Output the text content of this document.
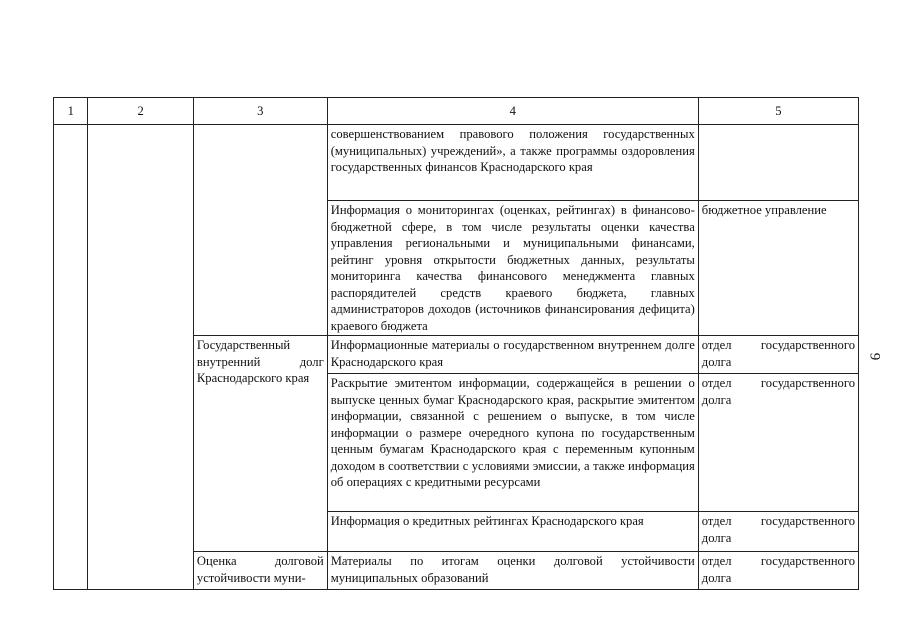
1	2	3	4	5
			совершенствованием правового положения государственных (муниципальных) учреждений», а также программы оздоровления государственных финансов Краснодарского края	
			Информация о мониторингах (оценках, рейтингах) в финансово-бюджетной сфере, в том числе результаты оценки качества управления региональными и муниципальными финансами, рейтинг уровня открытости бюджетных данных, результаты мониторинга качества финансового менеджмента главных распорядителей средств краевого бюджета, главных администраторов доходов (источников финансирования дефицита) краевого бюджета	бюджетное управление
		Государственный внутренний долг Краснодарского края	Информационные материалы о государственном внутреннем долге Краснодарского края	отдел государственного долга
			Раскрытие эмитентом информации, содержащейся в решении о выпуске ценных бумаг Краснодарского края, раскрытие эмитентом информации, связанной с решением о выпуске, в том числе информации о размере очередного купона по государственным ценным бумагам Краснодарского края с переменным купонным доходом в соответствии с условиями эмиссии, а также информация об операциях с кредитными ресурсами	отдел государственного долга
			Информация о кредитных рейтингах Краснодарского края	отдел государственного долга
		Оценка долговой устойчивости муни-	Материалы по итогам оценки долговой устойчивости муниципальных образований	отдел государственного долга
9
